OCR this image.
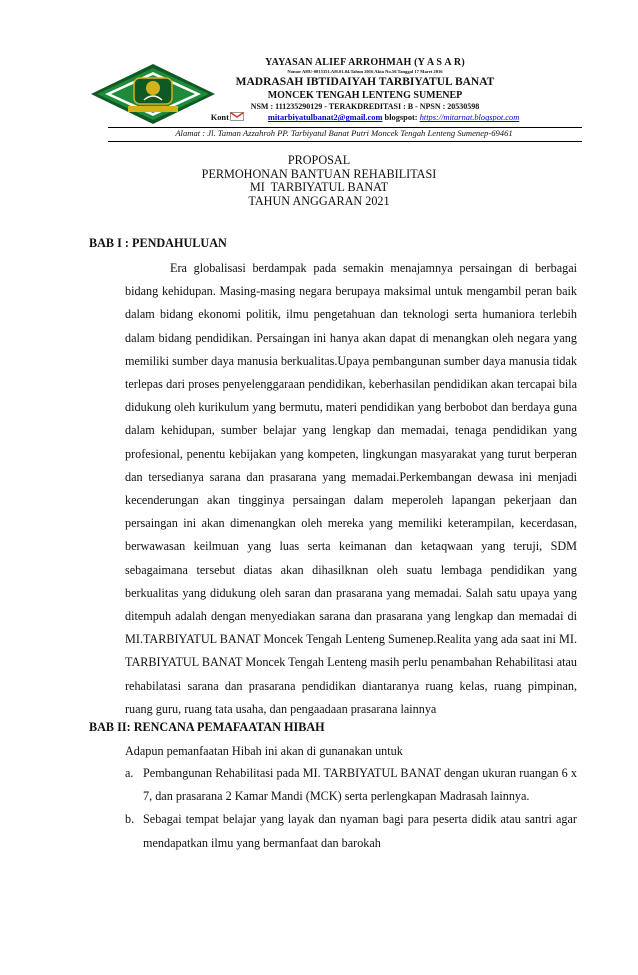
YAYASAN ALIEF ARROHMAH (Y A S A R)
Nomor AHU-0015351.AH.01.04.Tahun 2016 Akta No.56 Tanggal 17 Maret 2016
MADRASAH IBTIDAIYAH TARBIYATUL BANAT
MONCEK TENGAH LENTENG SUMENEP
NSM : 111235290129 - TERAKDREDITASI : B - NPSN : 20530598
Kont	mitarbiyatulbanat2@gmail.com blogspot: https://mitarnat.blogspot.com
Alamat : Jl. Taman Azzahroh PP. Tarbiyatul Banat Putri Moncek Tengah Lenteng Sumenep-69461
PROPOSAL
PERMOHONAN BANTUAN REHABILITASI
MI  TARBIYATUL BANAT
TAHUN ANGGARAN 2021
BAB I : PENDAHULUAN

Era globalisasi berdampak pada semakin menajamnya persaingan di berbagai bidang kehidupan. Masing-masing negara berupaya maksimal untuk mengambil peran baik dalam bidang ekonomi politik, ilmu pengetahuan dan teknologi serta humaniora terlebih dalam bidang pendidikan. Persaingan ini hanya akan dapat di menangkan oleh negara yang memiliki sumber daya manusia berkualitas.Upaya pembangunan sumber daya manusia tidak terlepas dari proses penyelenggaraan pendidikan, keberhasilan pendidikan akan tercapai bila didukung oleh kurikulum yang bermutu, materi pendidikan yang berbobot dan berdaya guna dalam kehidupan, sumber belajar yang lengkap dan memadai, tenaga pendidikan yang profesional, penentu kebijakan yang kompeten, lingkungan masyarakat yang turut berperan dan tersedianya sarana dan prasarana yang memadai.Perkembangan dewasa ini menjadi kecenderungan akan tingginya persaingan dalam meperoleh lapangan pekerjaan dan persaingan ini akan dimenangkan oleh mereka yang memiliki keterampilan, kecerdasan, berwawasan keilmuan yang luas serta keimanan dan ketaqwaan yang teruji, SDM sebagaimana tersebut diatas akan dihasilknan oleh suatu lembaga pendidikan yang berkualitas yang didukung oleh saran dan prasarana yang memadai. Salah satu upaya yang ditempuh adalah dengan menyediakan sarana dan prasarana yang lengkap dan memadai di MI.TARBIYATUL BANAT Moncek Tengah Lenteng Sumenep.Realita yang ada saat ini MI. TARBIYATUL BANAT Moncek Tengah Lenteng masih perlu penambahan Rehabilitasi atau rehabilatasi sarana dan prasarana pendidikan diantaranya ruang kelas, ruang pimpinan, ruang guru, ruang tata usaha, dan pengaadaan prasarana lainnya

BAB II: RENCANA PEMAFAATAN HIBAH
Adapun pemanfaatan Hibah ini akan di gunanakan untuk
a. Pembangunan Rehabilitasi pada MI. TARBIYATUL BANAT dengan ukuran ruangan 6 x 7, dan prasarana 2 Kamar Mandi (MCK) serta perlengkapan Madrasah lainnya.
b. Sebagai tempat belajar yang layak dan nyaman bagi para peserta didik atau santri agar mendapatkan ilmu yang bermanfaat dan barokah
